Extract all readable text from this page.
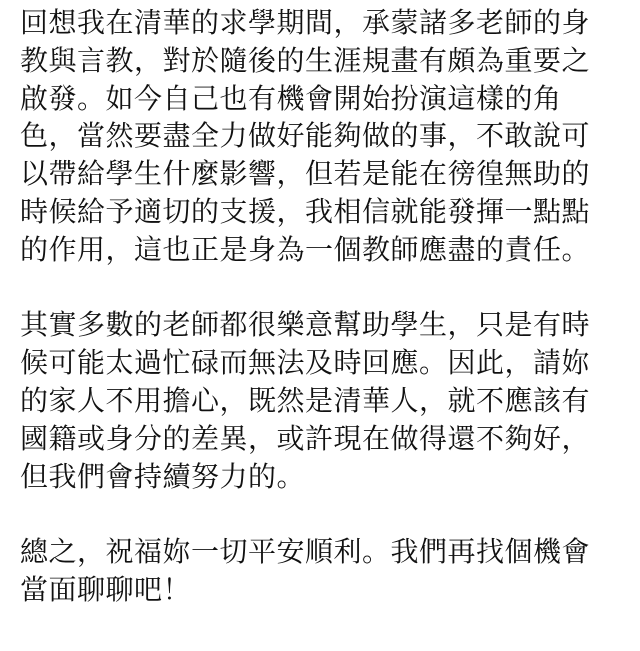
回想我在清華的求學期間，承蒙諸多老師的身
教與言教，對於隨後的生涯規畫有頗為重要之
啟發。如今自己也有機會開始扮演這樣的角
色，當然要盡全力做好能夠做的事，不敢說可
以帶給學生什麼影響，但若是能在徬徨無助的
時候給予適切的支援，我相信就能發揮一點點
的作用，這也正是身為一個教師應盡的責任。
其實多數的老師都很樂意幫助學生，只是有時
候可能太過忙碌而無法及時回應。因此，請妳
的家人不用擔心，既然是清華人，就不應該有
國籍或身分的差異，或許現在做得還不夠好，
但我們會持續努力的。
總之，祝福妳一切平安順利。我們再找個機會
當面聊聊吧！
